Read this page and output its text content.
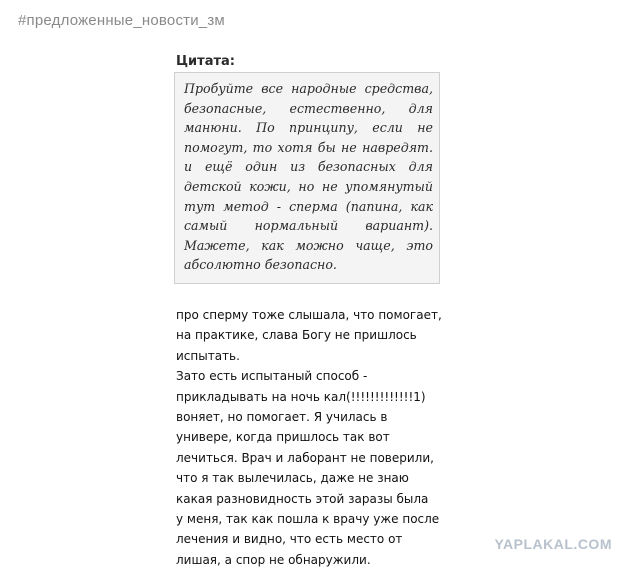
#предложенные_новости_зм
Цитата:
Пробуйте все народные средства,
безопасные, естественно, для
манюни. По принципу, если не
помогут, то хотя бы не навредят.
и ещё один из безопасных для
детской кожи, но не упомянутый
тут метод - сперма (папина, как
самый нормальный вариант).
Мажете, как можно чаще, это
абсолютно безопасно.
про сперму тоже слышала, что помогает,
на практике, слава Богу не пришлось
испытать.
Зато есть испытаный способ -
прикладывать на ночь кал(!!!!!!!!!!!!!1)
воняет, но помогает. Я училась в
универе, когда пришлось так вот
лечиться. Врач и лаборант не поверили,
что я так вылечилась, даже не знаю
какая разновидность этой заразы была
у меня, так как пошла к врачу уже после
лечения и видно, что есть место от
лишая, а спор не обнаружили.
YAPLAKAL.COM
